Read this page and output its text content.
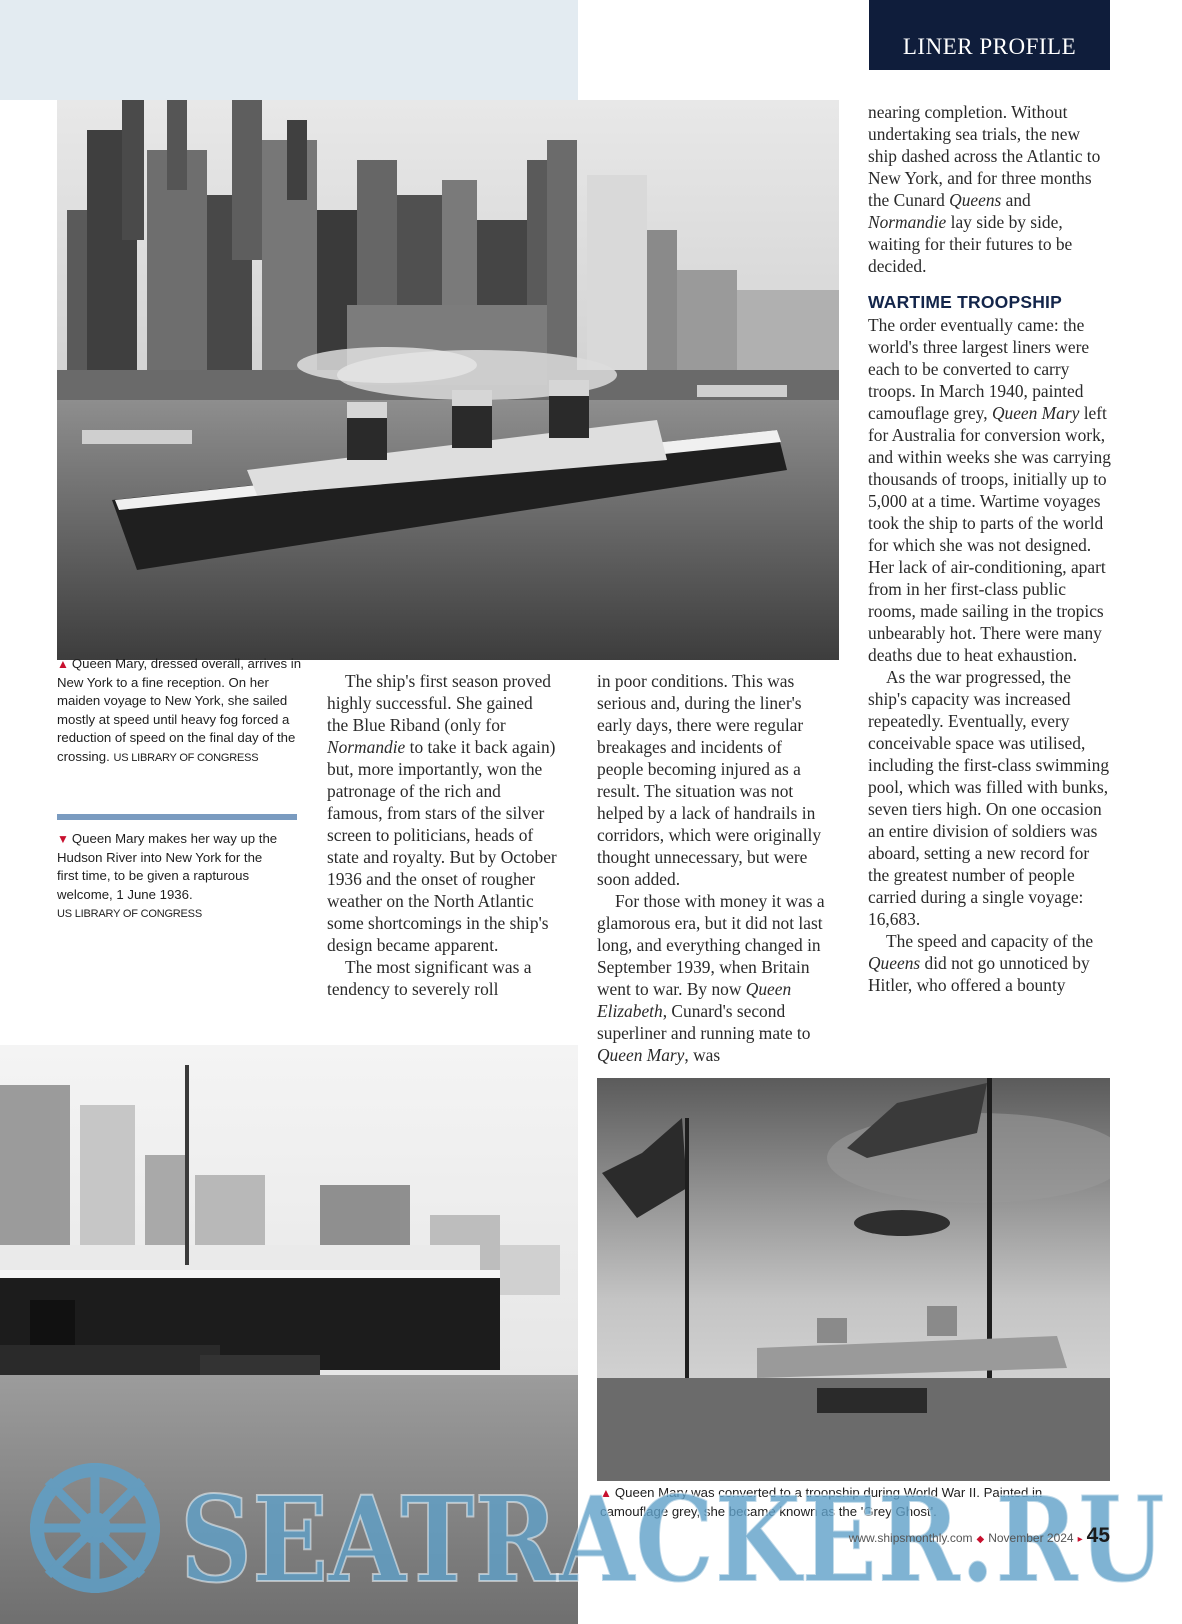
LINER PROFILE
▲ Queen Mary, dressed overall, arrives in New York to a fine reception. On her maiden voyage to New York, she sailed mostly at speed until heavy fog forced a reduction of speed on the final day of the crossing. US LIBRARY OF CONGRESS
▼ Queen Mary makes her way up the Hudson River into New York for the first time, to be given a rapturous welcome, 1 June 1936.
US LIBRARY OF CONGRESS

The ship's first season proved highly successful. She gained the Blue Riband (only for Normandie to take it back again) but, more importantly, won the patronage of the rich and famous, from stars of the silver screen to politicians, heads of state and royalty. But by October 1936 and the onset of rougher weather on the North Atlantic some shortcomings in the ship's design became apparent.

The most significant was a tendency to severely roll

in poor conditions. This was serious and, during the liner's early days, there were regular breakages and incidents of people becoming injured as a result. The situation was not helped by a lack of handrails in corridors, which were originally thought unnecessary, but were soon added.

For those with money it was a glamorous era, but it did not last long, and everything changed in September 1939, when Britain went to war. By now Queen Elizabeth, Cunard's second superliner and running mate to Queen Mary, was

nearing completion. Without undertaking sea trials, the new ship dashed across the Atlantic to New York, and for three months the Cunard Queens and Normandie lay side by side, waiting for their futures to be decided.

WARTIME TROOPSHIP

The order eventually came: the world's three largest liners were each to be converted to carry troops. In March 1940, painted camouflage grey, Queen Mary left for Australia for conversion work, and within weeks she was carrying thousands of troops, initially up to 5,000 at a time. Wartime voyages took the ship to parts of the world for which she was not designed. Her lack of air-conditioning, apart from in her first-class public rooms, made sailing in the tropics unbearably hot. There were many deaths due to heat exhaustion.

As the war progressed, the ship's capacity was increased repeatedly. Eventually, every conceivable space was utilised, including the first-class swimming pool, which was filled with bunks, seven tiers high. On one occasion an entire division of soldiers was aboard, setting a new record for the greatest number of people carried during a single voyage: 16,683.

The speed and capacity of the Queens did not go unnoticed by Hitler, who offered a bounty

▲ Queen Mary was converted to a troopship during World War II. Painted in camouflage grey, she became known as the 'Grey Ghost'.
SEATRACKER.RU
www.shipsmonthly.com ◆ November 2024 ▸ 45
